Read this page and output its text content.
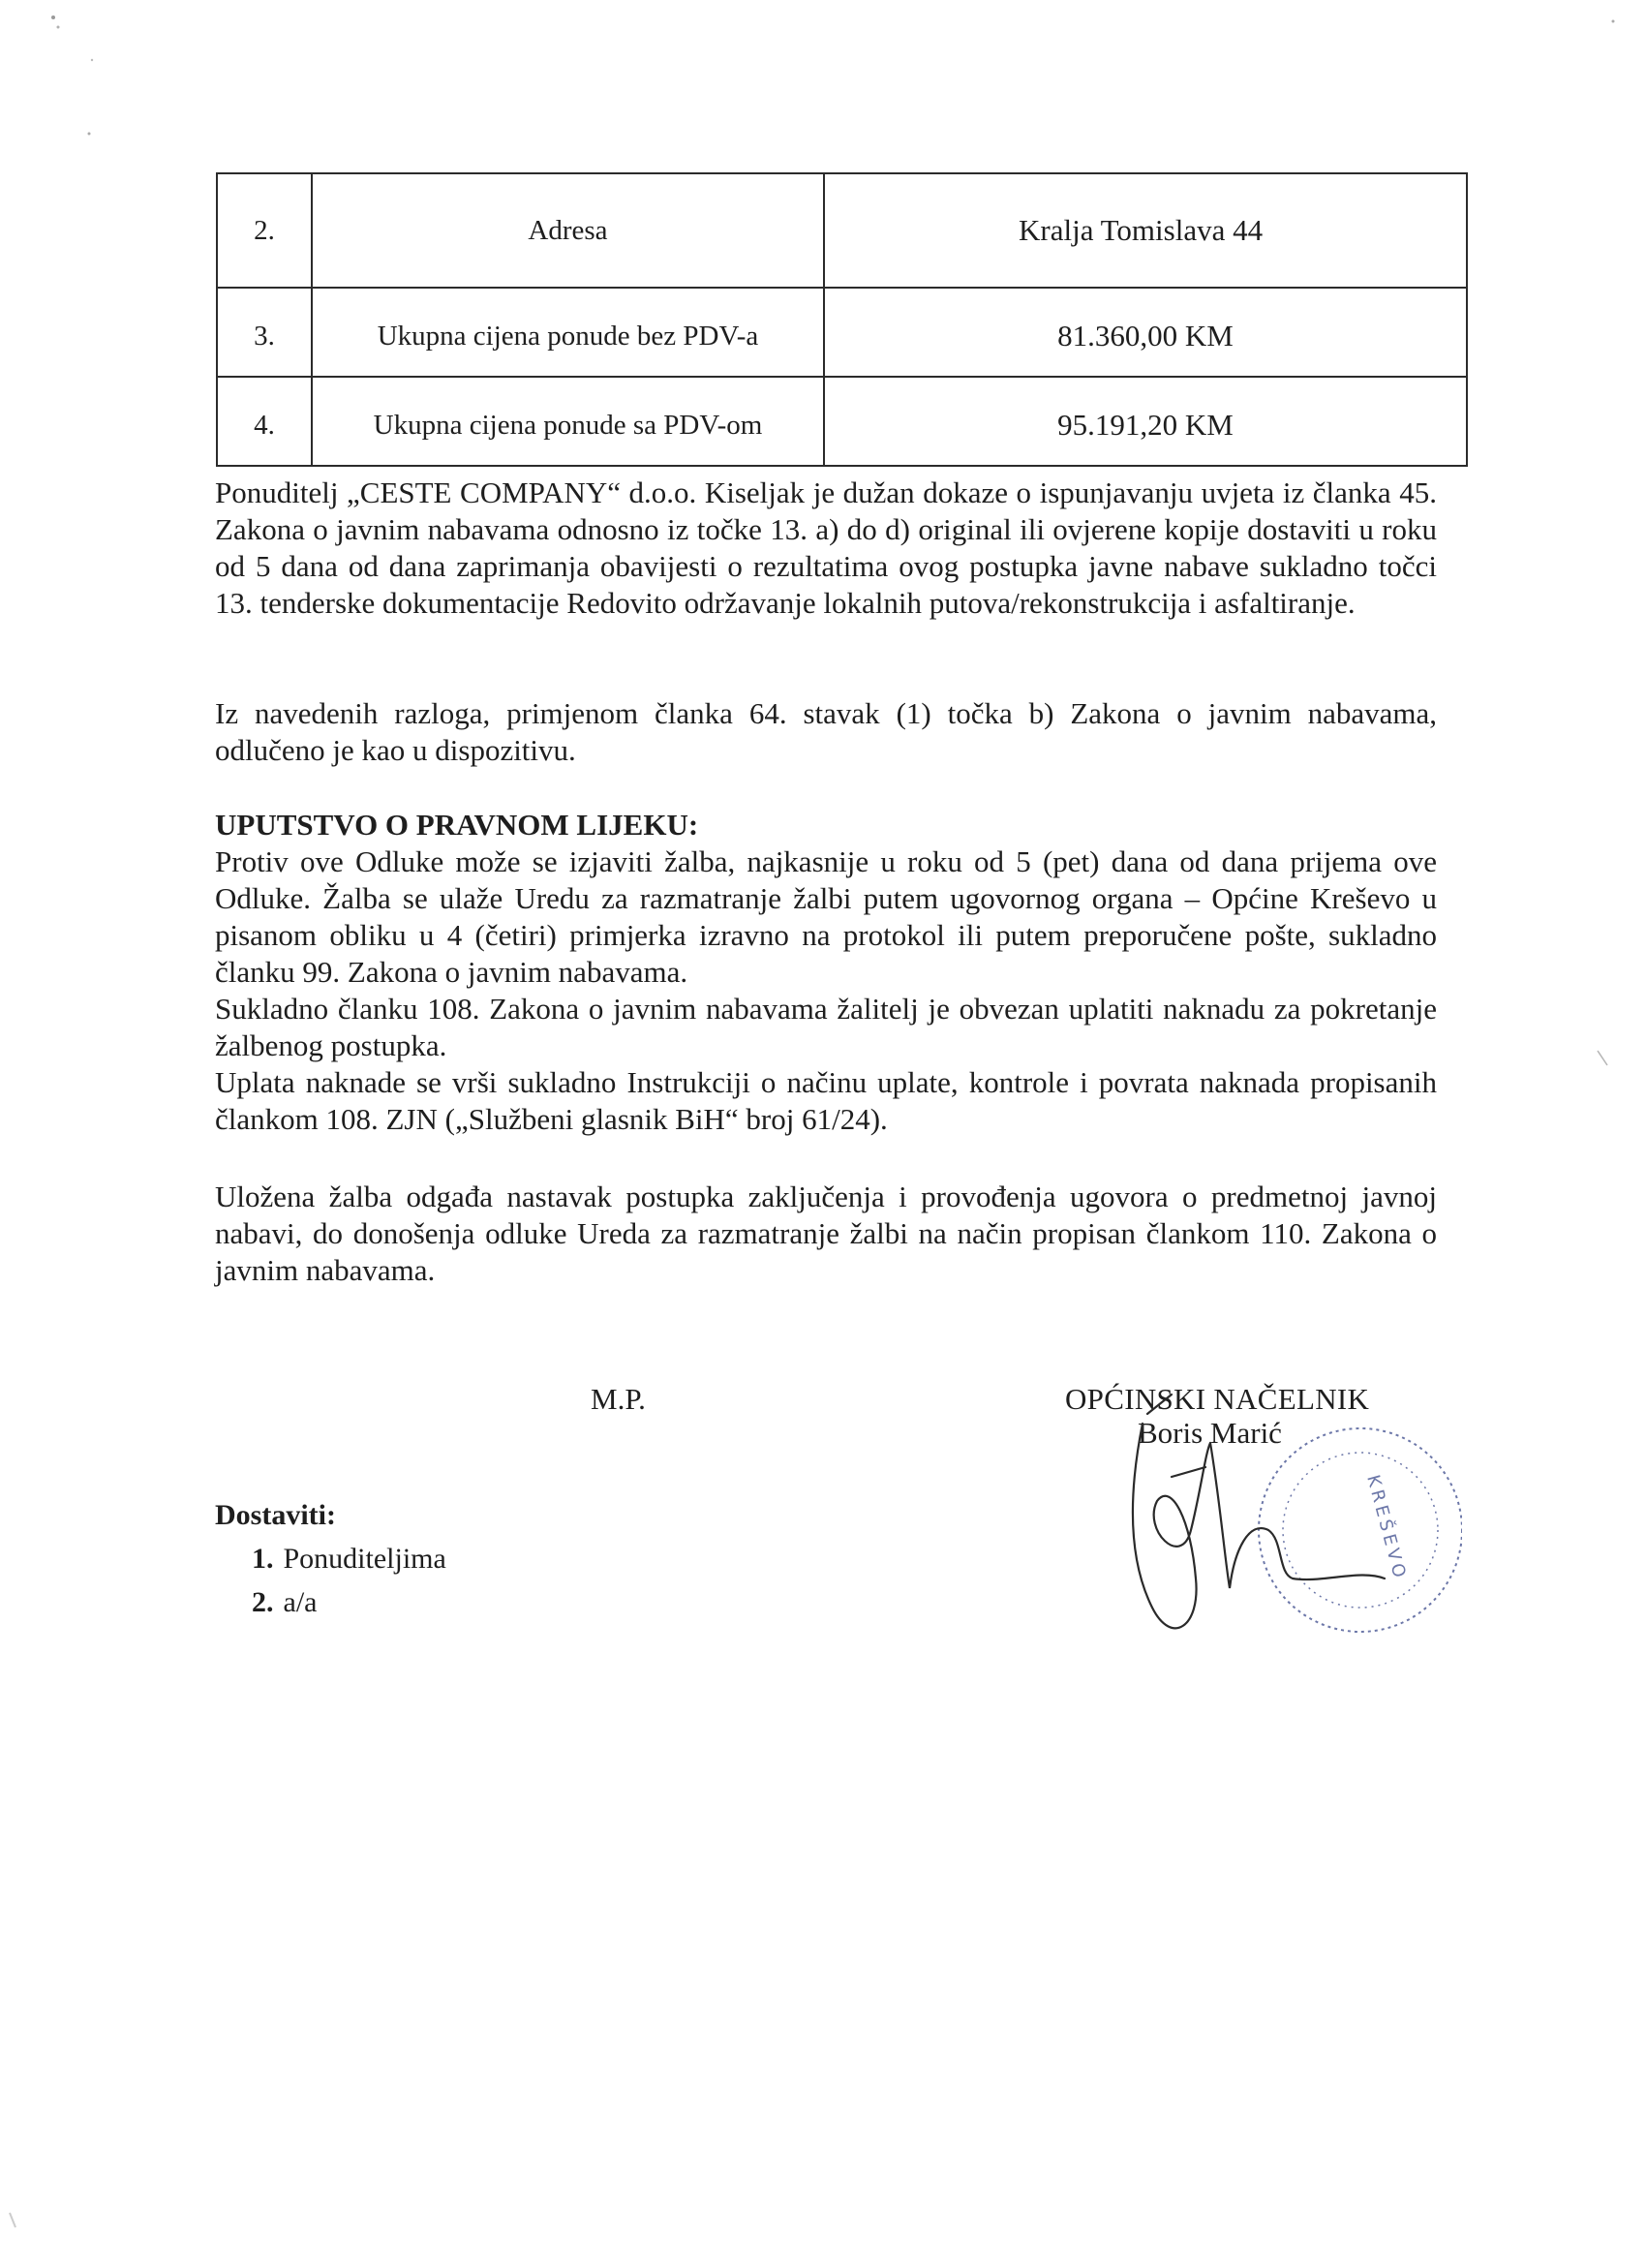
2.	Adresa	Kralja Tomislava 44
3.	Ukupna cijena ponude bez PDV-a	81.360,00 KM
4.	Ukupna cijena ponude sa PDV-om	95.191,20 KM

Ponuditelj „CESTE COMPANY“ d.o.o. Kiseljak je dužan dokaze o ispunjavanju uvjeta iz članka 45. Zakona o javnim nabavama odnosno iz točke 13. a) do d) original ili ovjerene kopije dostaviti u roku od 5 dana od dana zaprimanja obavijesti o rezultatima ovog postupka javne nabave sukladno točci 13. tenderske dokumentacije Redovito održavanje lokalnih putova/rekonstrukcija i asfaltiranje.

Iz navedenih razloga, primjenom članka 64. stavak (1) točka b) Zakona o javnim nabavama, odlučeno je kao u dispozitivu.

UPUTSTVO O PRAVNOM LIJEKU:
Protiv ove Odluke može se izjaviti žalba, najkasnije u roku od 5 (pet) dana od dana prijema ove Odluke. Žalba se ulaže Uredu za razmatranje žalbi putem ugovornog organa – Općine Kreševo u pisanom obliku u 4 (četiri) primjerka izravno na protokol ili putem preporučene pošte, sukladno članku 99. Zakona o javnim nabavama.
Sukladno članku 108. Zakona o javnim nabavama žalitelj je obvezan uplatiti naknadu za pokretanje žalbenog postupka.
Uplata naknade se vrši sukladno Instrukciji o načinu uplate, kontrole i povrata naknada propisanih člankom 108. ZJN („Službeni glasnik BiH“ broj 61/24).

Uložena žalba odgađa nastavak postupka zaključenja i provođenja ugovora o predmetnoj javnoj nabavi, do donošenja odluke Ureda za razmatranje žalbi na način propisan člankom 110. Zakona o javnim nabavama.

M.P.	OPĆINSKI NAČELNIK
Boris Marić
KREŠEVO
Dostaviti:
1. Ponuditeljima
2. a/a
